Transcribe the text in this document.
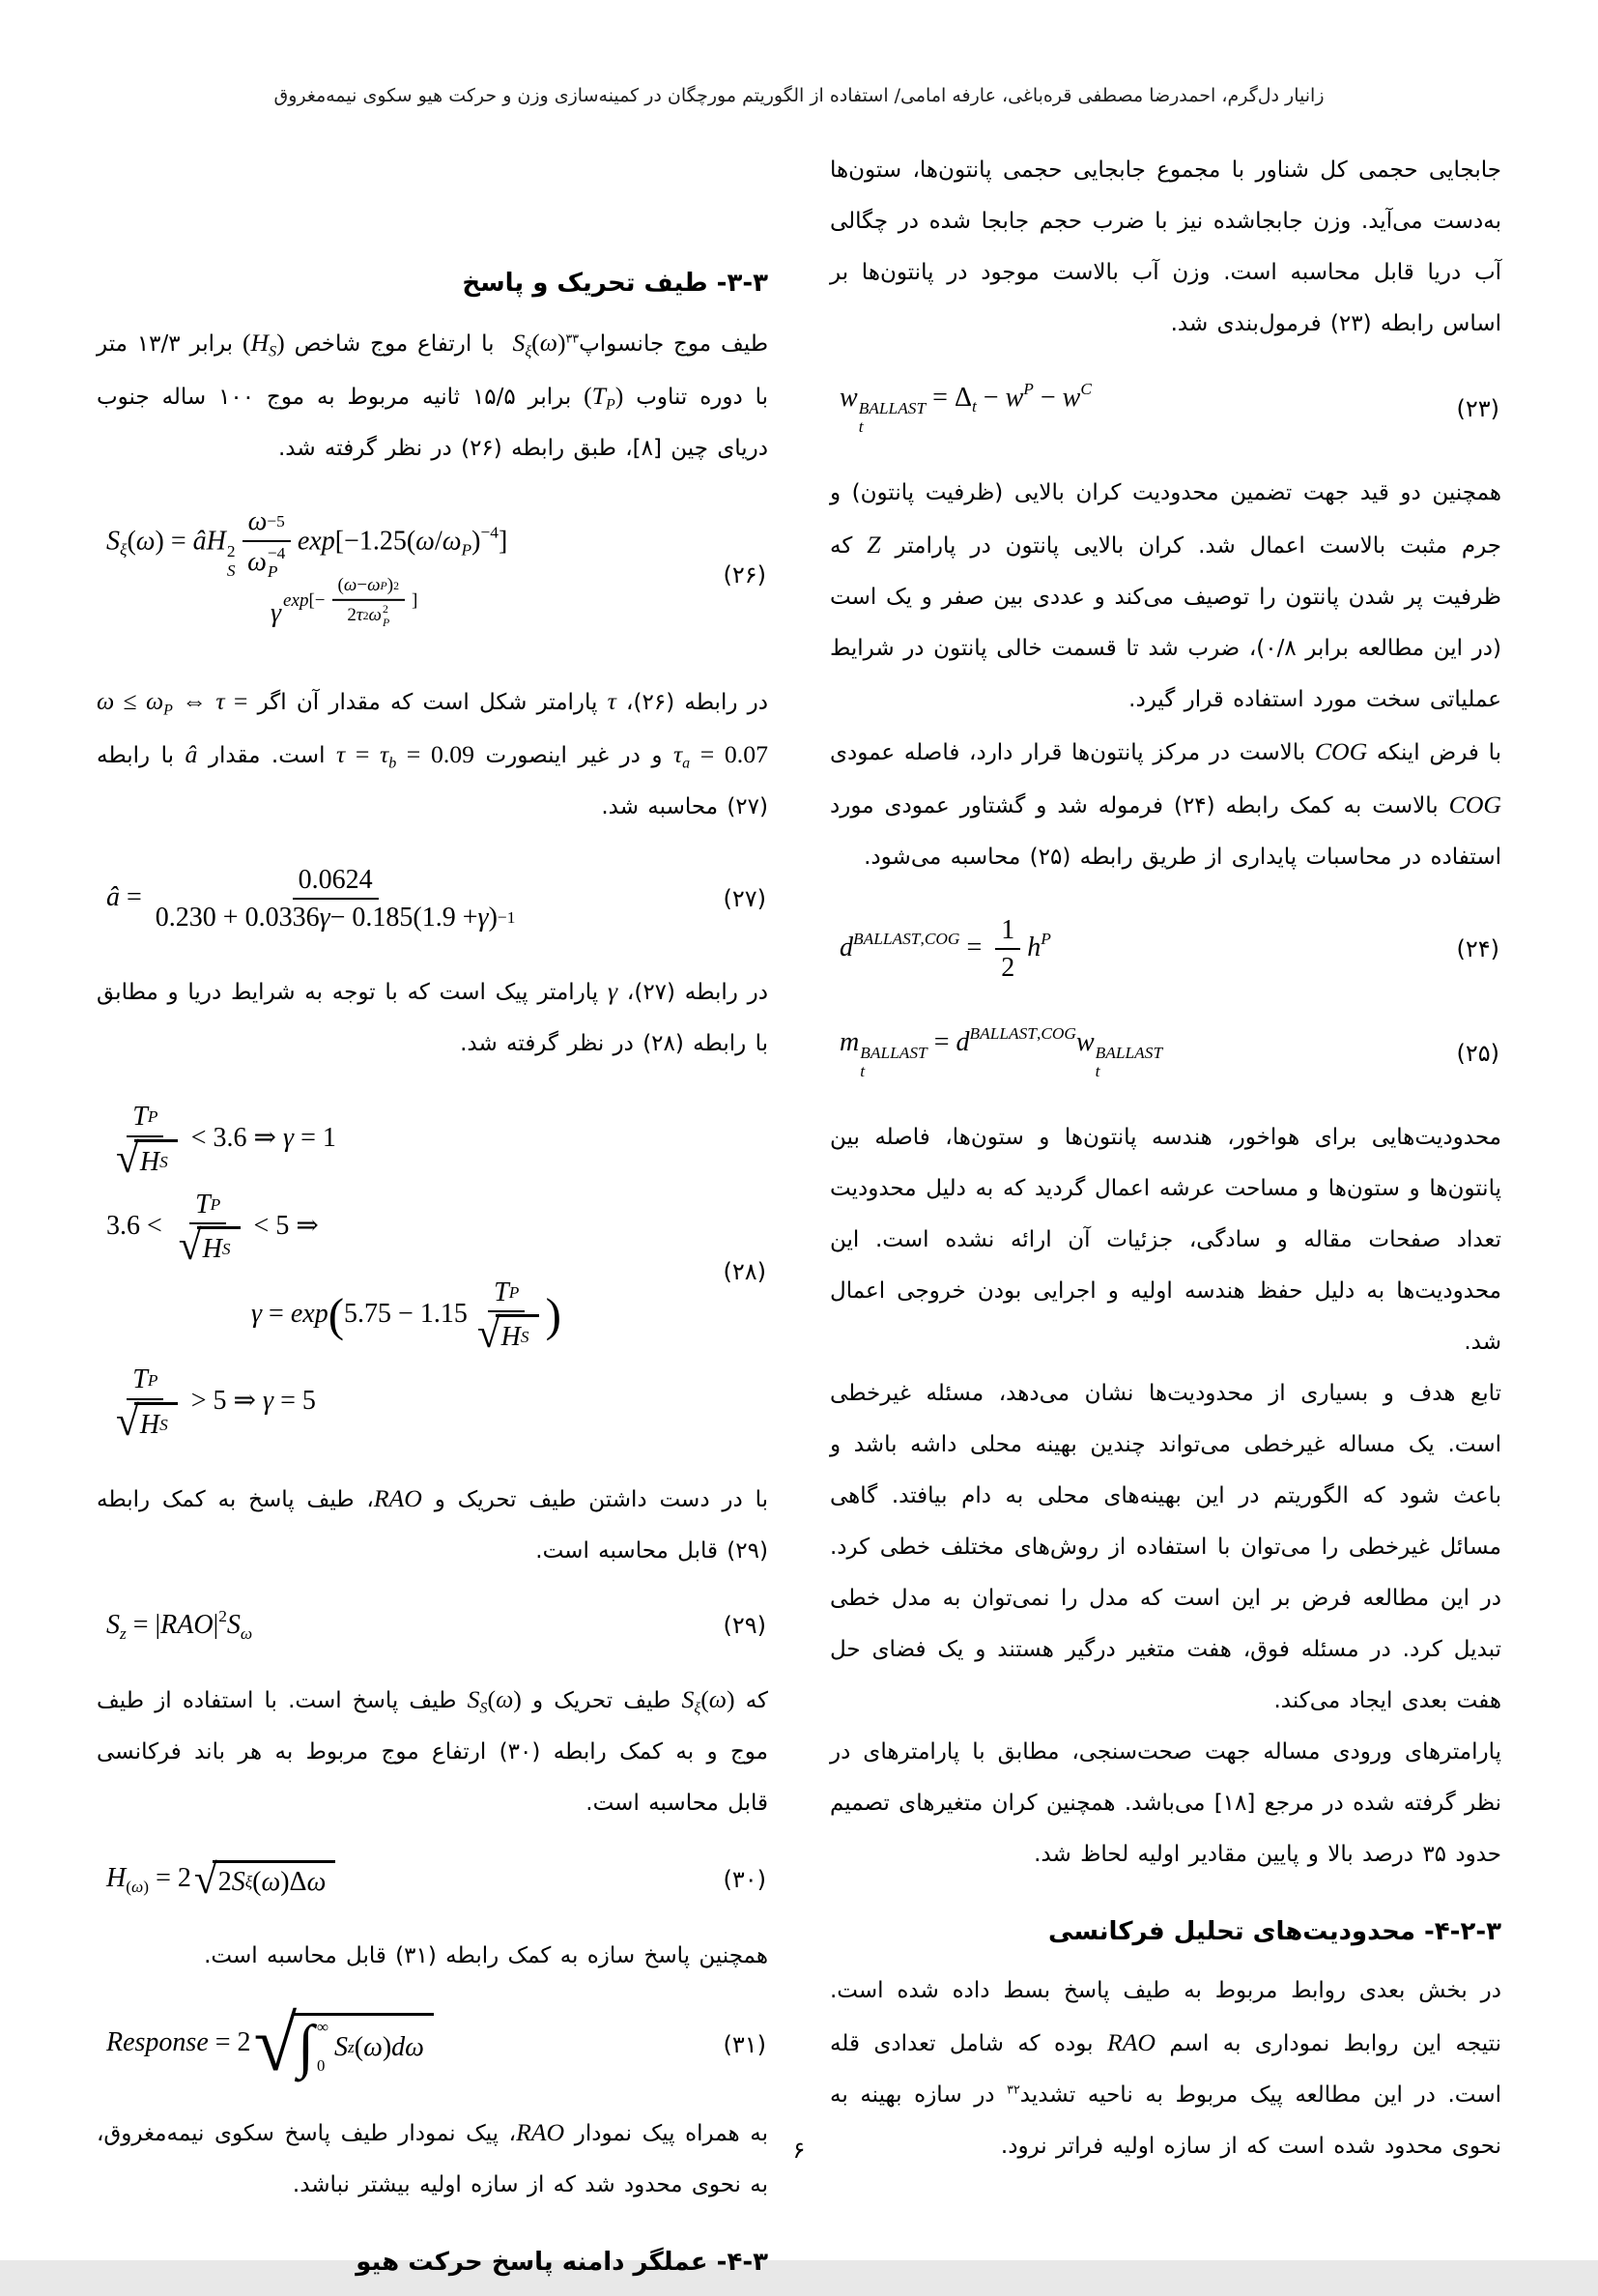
زانیار دل‌گرم، احمدرضا مصطفی قره‌باغی، عارفه امامی/ استفاده از الگوریتم مورچگان در کمینه‌سازی وزن و حرکت هیو سکوی نیمه‌مغروق
جابجایی حجمی کل شناور با مجموع جابجایی حجمی پانتون‌ها، ستون‌ها به‌دست می‌آید. وزن جابجاشده نیز با ضرب حجم جابجا شده در چگالی آب دریا قابل محاسبه است. وزن آب بالاست موجود در پانتون‌ها بر اساس رابطه (۲۳) فرمول‌بندی شد.
w BALLAST
t
= $\Delta_t - w^P - w^C$
(۲۳)
همچنین دو قید جهت تضمین محدودیت کران بالایی (ظرفیت پانتون) و جرم مثبت بالاست اعمال شد. کران بالایی پانتون در پارامتر Z که ظرفیت پر شدن پانتون را توصیف می‌کند و عددی بین صفر و یک است (در این مطالعه برابر ۰/۸)، ضرب شد تا قسمت خالی پانتون در شرایط عملیاتی سخت مورد استفاده قرار گیرد.
با فرض اینکه COG بالاست در مرکز پانتون‌ها قرار دارد، فاصله عمودی COG بالاست به کمک رابطه (۲۴) فرموله شد و گشتاور عمودی مورد استفاده در محاسبات پایداری از طریق رابطه (۲۵) محاسبه می‌شود.
$d^{BALLAST,COG} = \frac{1}{2} h^P$	(۲۴)
m BALLAST
t
= $d^{BALLAST,COG}w$ BALLAST
t
(۲۵)
محدودیت‌هایی برای هواخور، هندسه پانتون‌ها و ستون‌ها، فاصله بین پانتون‌ها و ستون‌ها و مساحت عرشه اعمال گردید که به دلیل محدودیت تعداد صفحات مقاله و سادگی، جزئیات آن ارائه نشده است. این محدودیت‌ها به دلیل حفظ هندسه اولیه و اجرایی بودن خروجی اعمال شد.
تابع هدف و بسیاری از محدودیت‌ها نشان می‌دهد، مسئله غیرخطی است. یک مساله غیرخطی می‌تواند چندین بهینه محلی داشه باشد و باعث شود که الگوریتم در این بهینه‌های محلی به دام بیافتد. گاهی مسائل غیرخطی را می‌توان با استفاده از روش‌های مختلف خطی کرد. در این مطالعه فرض بر این است که مدل را نمی‌توان به مدل خطی تبدیل کرد. در مسئله فوق، هفت متغیر درگیر هستند و یک فضای حل هفت بعدی ایجاد می‌کند.
پارامترهای ورودی مساله جهت صحت‌سنجی، مطابق با پارامترهای در نظر گرفته شده در مرجع [۱۸] می‌باشد. همچنین کران متغیرهای تصمیم حدود ۳۵ درصد بالا و پایین مقادیر اولیه لحاظ شد.
۳‏-‏۲‏-‏۴‏- محدودیت‌های تحلیل فرکانسی
در بخش بعدی روابط مربوط به طیف پاسخ بسط داده شده است. نتیجه این روابط نموداری به اسم RAO بوده که شامل تعدادی قله است. در این مطالعه پیک مربوط به ناحیه تشدید$^{۳۲}$ در سازه بهینه به نحوی محدود شده است که از سازه اولیه فراتر نرود.
۳‏-‏۳‏- طیف تحریک و پاسخ
طیف موج جانسواپ$^{۳۳}$ $S_\xi(\omega)$ با ارتفاع موج شاخص $(H_S)$ برابر ۱۳/۳ متر با دوره تناوب $(T_P)$ برابر ۱۵/۵ ثانیه مربوط به موج ۱۰۰ ساله جنوب دریای چین [۸]، طبق رابطه (۲۶) در نظر گرفته شد.
$S_\xi(\omega)$ = âH 2
S ω −5
ω −4
P $\exp[-1.25(\omega/\omega_P)^{-4}]$
γ exp[− ( ω − ω P ) 2
2 τ 2 ω 2
P ]
(۲۶)
در رابطه (۲۶)، τ پارامتر شکل است که مقدار آن اگر $\omega \le \omega_P$ ⇔ $\tau = \tau_a = 0.07$ و در غیر اینصورت $\tau = \tau_b = 0.09$ است. مقدار â با رابطه (۲۷) محاسبه شد.
â = $\frac{0.0624}{0.230 + 0.0336 \gamma - 0.185(1.9 + \gamma ) -1}$	(۲۷)
در رابطه (۲۷)، γ پارامتر پیک است که با توجه به شرایط دریا و مطابق با رابطه (۲۸) در نظر گرفته شد.
$\frac{\text{T P}}{\text{√ H S}} < 3.6$ ⇒ γ = 1
$3.6 < \frac{\text{T P}}{\text{√ H S}} < 5$ ⇒
$\gamma = \exp(5.75 - 1.15 \frac{\text{T P}}{\text{√ H S}}$ )
$\frac{\text{T P}}{\text{√ H S}} > 5$ ⇒ γ = 5
(۲۸)
با در دست داشتن طیف تحریک و RAO، طیف پاسخ به کمک رابطه (۲۹) قابل محاسبه است.
$S_z = |RAO|^2S_\omega$	(۲۹)
که $S_\xi(\omega)$ طیف تحریک و $S_S(\omega)$ طیف پاسخ است. با استفاده از طیف موج و به کمک رابطه (۳۰) ارتفاع موج مربوط به هر باند فرکانسی قابل محاسبه است.
$H_{(\omega)} = 2$ √ 2 S ξ ( ω )Δ ω	(۳۰)
همچنین پاسخ سازه به کمک رابطه (۳۱) قابل محاسبه است.
Response = 2 √ ∫ ∞
0
S z ( ω ) dω	(۳۱)
به همراه پیک نمودار RAO، پیک نمودار طیف پاسخ سکوی نیمه‌مغروق، به نحوی محدود شد که از سازه اولیه بیشتر نباشد.
۳‏-‏۴‏- عملگر دامنه پاسخ حرکت هیو
۶
